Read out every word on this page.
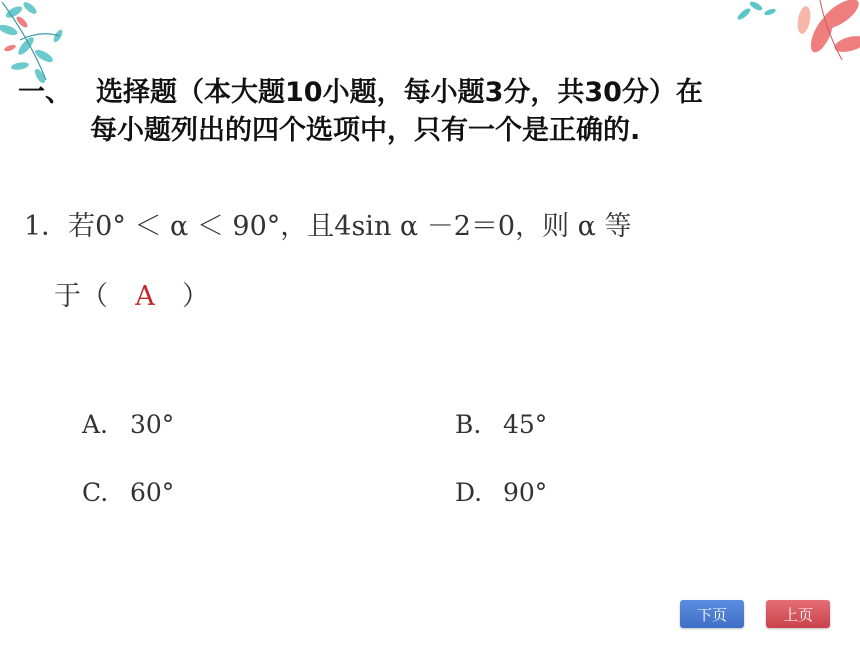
一、 选择题（本大题10小题，每小题3分，共30分）在
每小题列出的四个选项中，只有一个是正确的.
1．若0° ＜ α ＜ 90°，且4sin α －2＝0，则 α 等
于（ A ）
A. 30°	B. 45°
C. 60°	D. 90°
下页	上页
